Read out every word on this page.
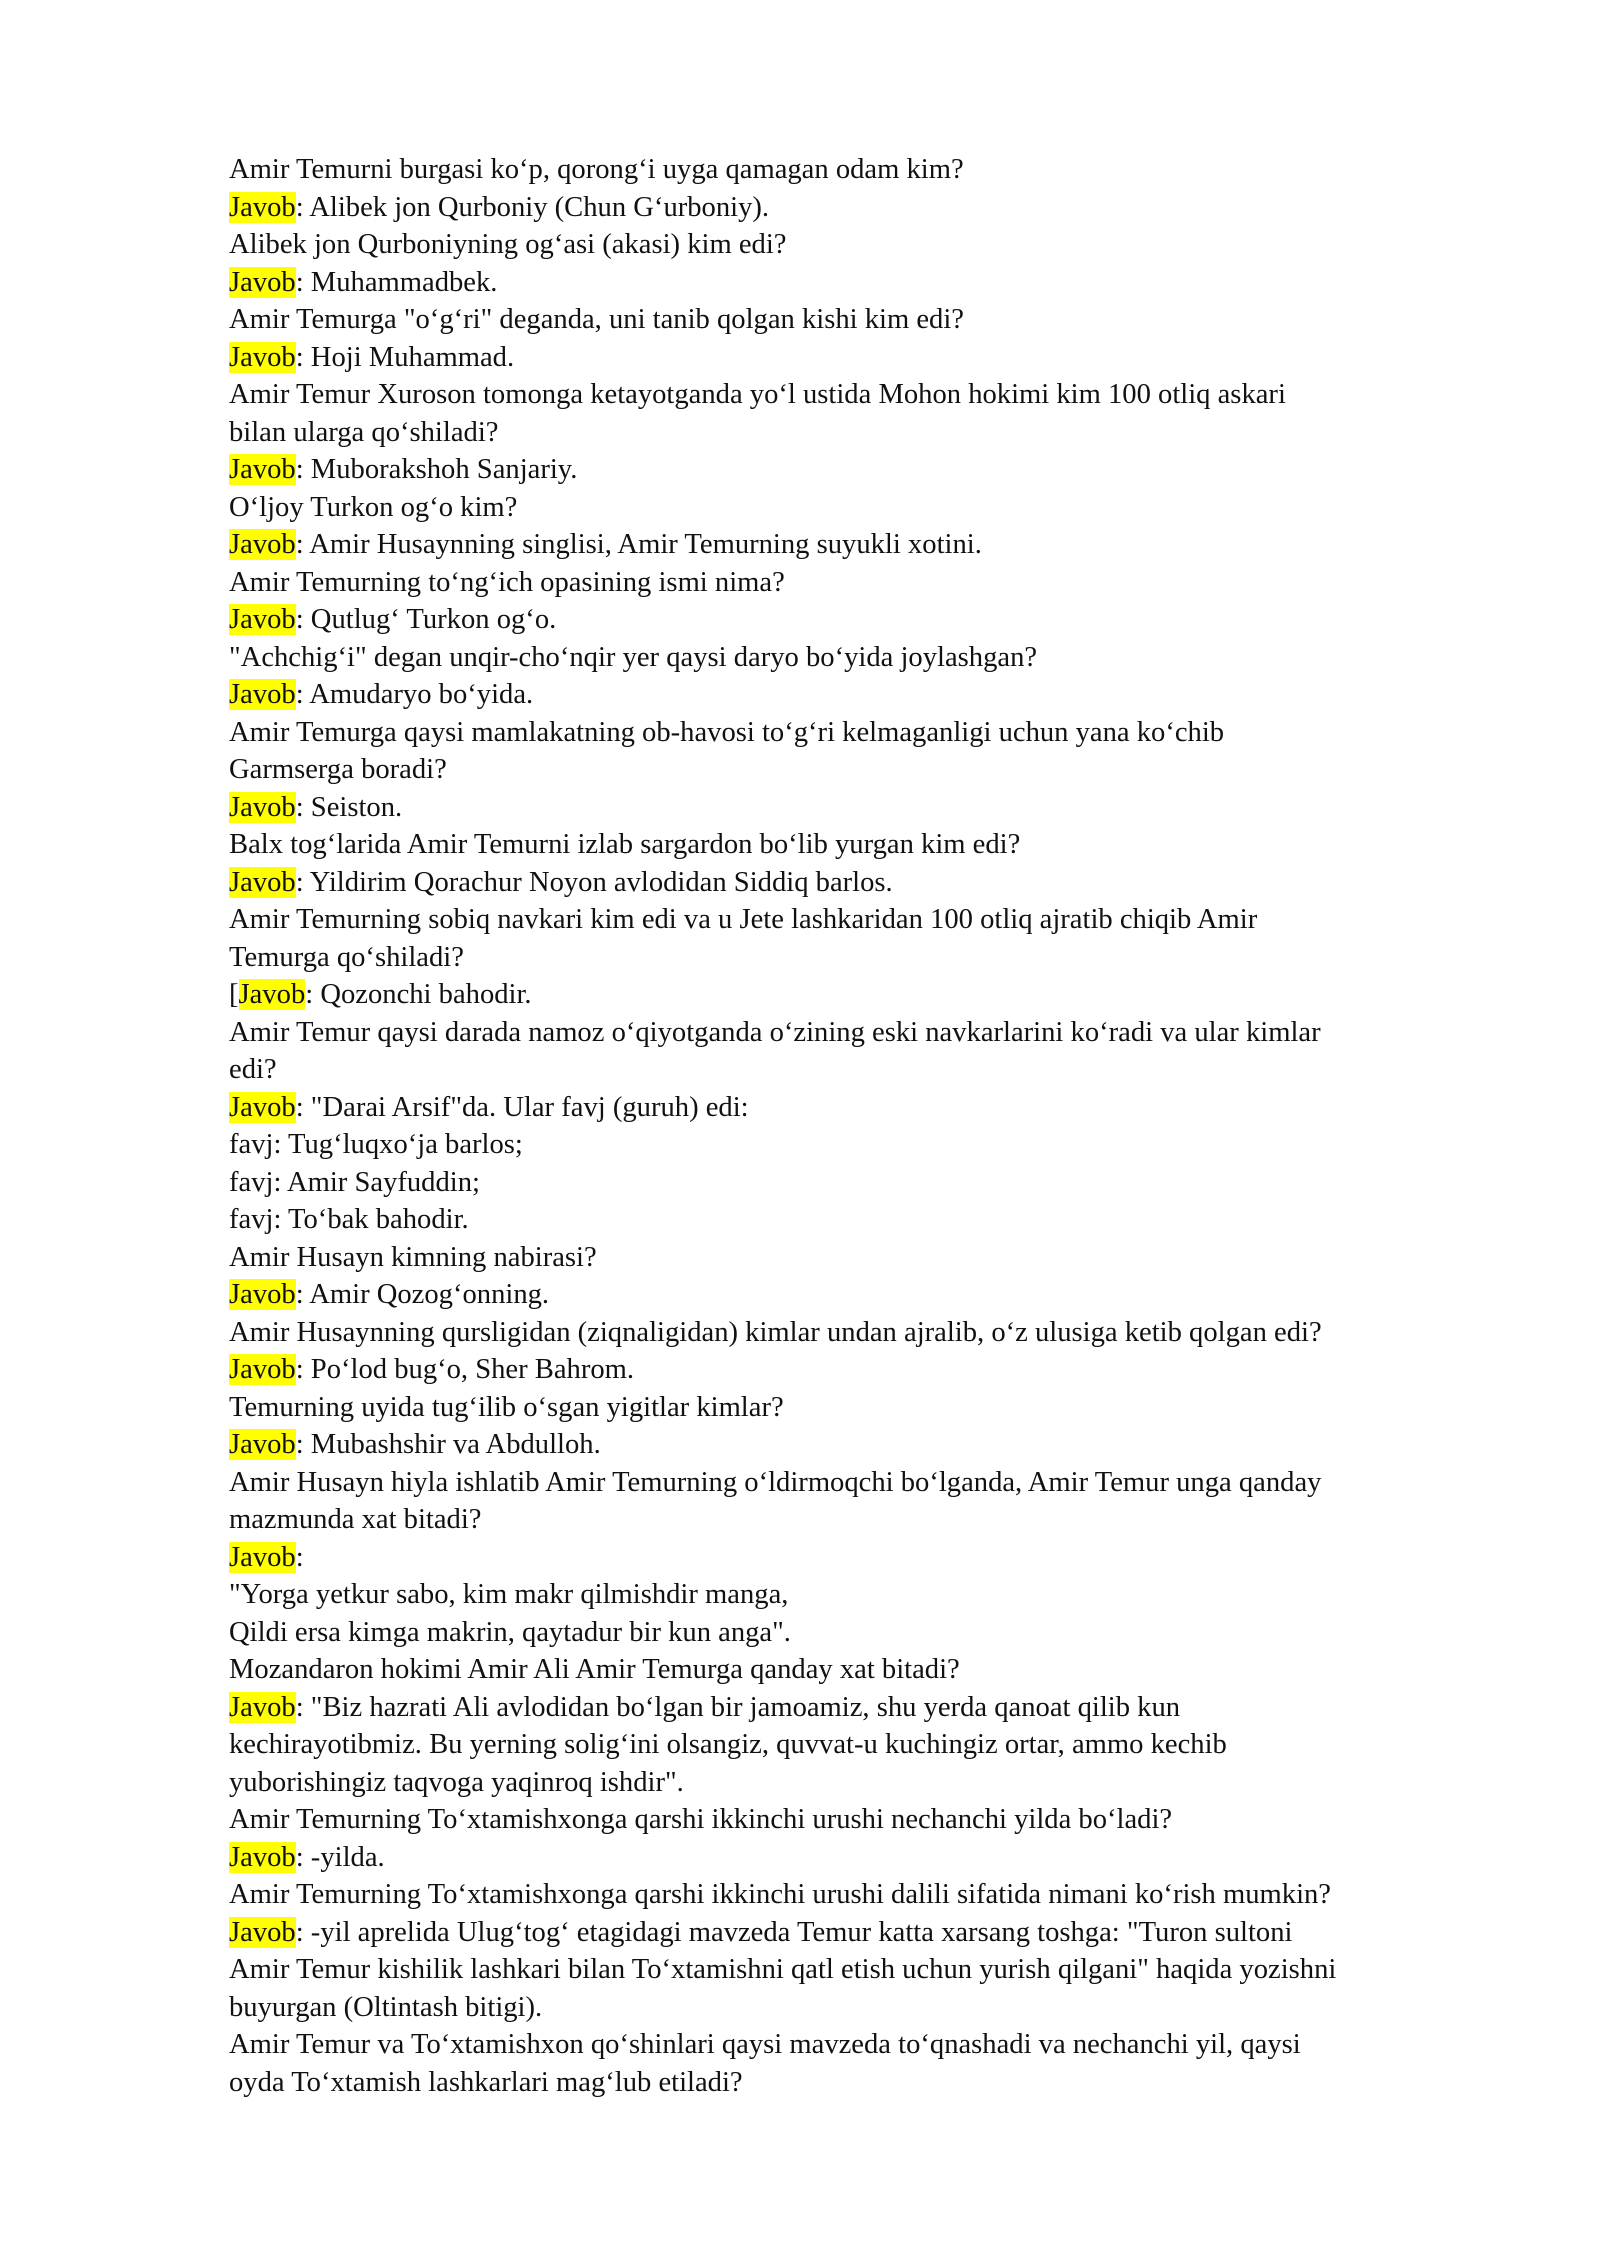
Amir Temurni burgasi ko‘p, qorong‘i uyga qamagan odam kim?
Javob: Alibek jon Qurboniy (Chun G‘urboniy).
Alibek jon Qurboniyning og‘asi (akasi) kim edi?
Javob: Muhammadbek.
Amir Temurga "o‘g‘ri" deganda, uni tanib qolgan kishi kim edi?
Javob: Hoji Muhammad.
Amir Temur Xuroson tomonga ketayotganda yo‘l ustida Mohon hokimi kim 100 otliq askari
bilan ularga qo‘shiladi?
Javob: Muborakshoh Sanjariy.
O‘ljoy Turkon og‘o kim?
Javob: Amir Husaynning singlisi, Amir Temurning suyukli xotini.
Amir Temurning to‘ng‘ich opasining ismi nima?
Javob: Qutlug‘ Turkon og‘o.
"Achchig‘i" degan unqir-cho‘nqir yer qaysi daryo bo‘yida joylashgan?
Javob: Amudaryo bo‘yida.
Amir Temurga qaysi mamlakatning ob-havosi to‘g‘ri kelmaganligi uchun yana ko‘chib
Garmserga boradi?
Javob: Seiston.
Balx tog‘larida Amir Temurni izlab sargardon bo‘lib yurgan kim edi?
Javob: Yildirim Qorachur Noyon avlodidan Siddiq barlos.
Amir Temurning sobiq navkari kim edi va u Jete lashkaridan 100 otliq ajratib chiqib Amir
Temurga qo‘shiladi?
[Javob: Qozonchi bahodir.
Amir Temur qaysi darada namoz o‘qiyotganda o‘zining eski navkarlarini ko‘radi va ular kimlar
edi?
Javob: "Darai Arsif"da. Ular favj (guruh) edi:
favj: Tug‘luqxo‘ja barlos;
favj: Amir Sayfuddin;
favj: To‘bak bahodir.
Amir Husayn kimning nabirasi?
Javob: Amir Qozog‘onning.
Amir Husaynning qursligidan (ziqnaligidan) kimlar undan ajralib, o‘z ulusiga ketib qolgan edi?
Javob: Po‘lod bug‘o, Sher Bahrom.
Temurning uyida tug‘ilib o‘sgan yigitlar kimlar?
Javob: Mubashshir va Abdulloh.
Amir Husayn hiyla ishlatib Amir Temurning o‘ldirmoqchi bo‘lganda, Amir Temur unga qanday
mazmunda xat bitadi?
Javob:
"Yorga yetkur sabo, kim makr qilmishdir manga,
Qildi ersa kimga makrin, qaytadur bir kun anga".
Mozandaron hokimi Amir Ali Amir Temurga qanday xat bitadi?
Javob: "Biz hazrati Ali avlodidan bo‘lgan bir jamoamiz, shu yerda qanoat qilib kun
kechirayotibmiz. Bu yerning solig‘ini olsangiz, quvvat-u kuchingiz ortar, ammo kechib
yuborishingiz taqvoga yaqinroq ishdir".
Amir Temurning To‘xtamishxonga qarshi ikkinchi urushi nechanchi yilda bo‘ladi?
Javob: -yilda.
Amir Temurning To‘xtamishxonga qarshi ikkinchi urushi dalili sifatida nimani ko‘rish mumkin?
Javob: -yil aprelida Ulug‘tog‘ etagidagi mavzeda Temur katta xarsang toshga: "Turon sultoni
Amir Temur kishilik lashkari bilan To‘xtamishni qatl etish uchun yurish qilgani" haqida yozishni
buyurgan (Oltintash bitigi).
Amir Temur va To‘xtamishxon qo‘shinlari qaysi mavzeda to‘qnashadi va nechanchi yil, qaysi
oyda To‘xtamish lashkarlari mag‘lub etiladi?
